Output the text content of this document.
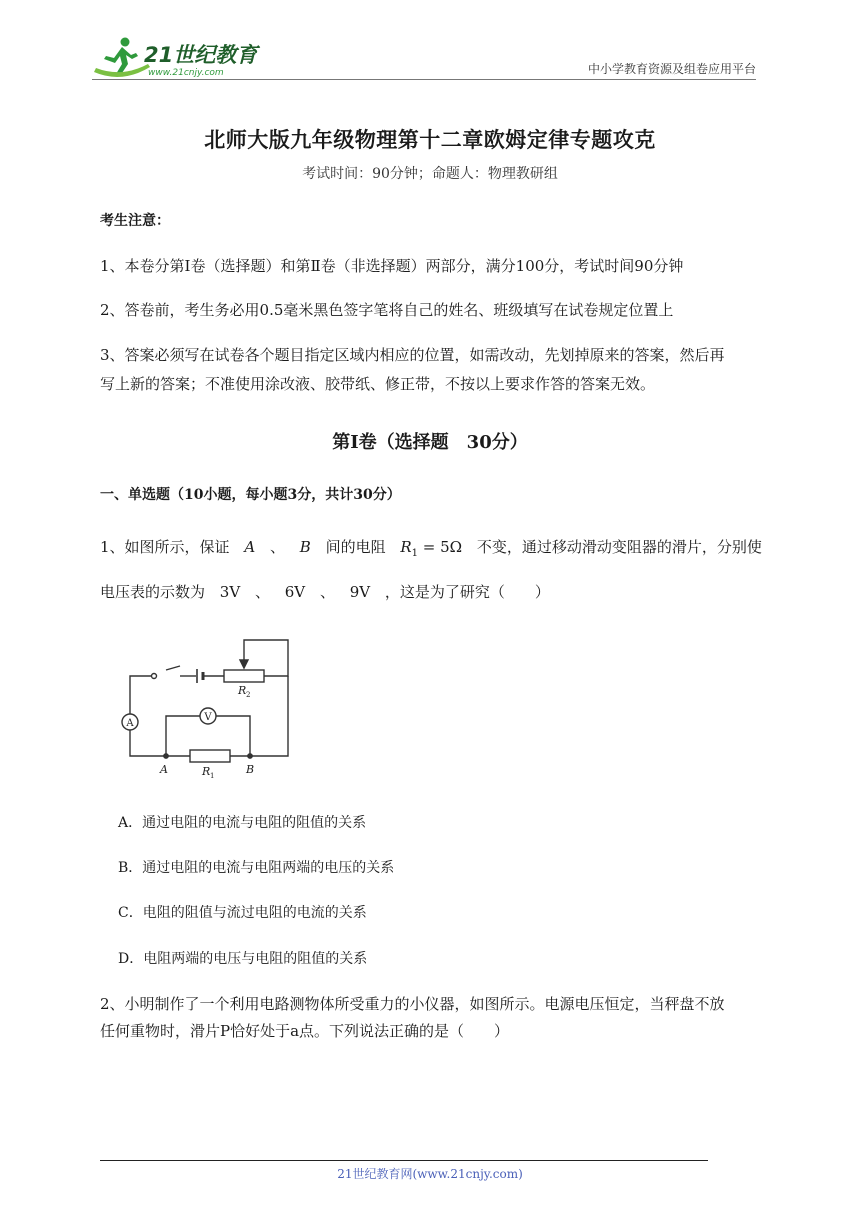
21世纪教育
www.21cnjy.com	中小学教育资源及组卷应用平台
北师大版九年级物理第十二章欧姆定律专题攻克
考试时间：90分钟；命题人：物理教研组
考生注意：
1、本卷分第I卷（选择题）和第Ⅱ卷（非选择题）两部分，满分100分，考试时间90分钟
2、答卷前，考生务必用0.5毫米黑色签字笔将自己的姓名、班级填写在试卷规定位置上
3、答案必须写在试卷各个题目指定区域内相应的位置，如需改动，先划掉原来的答案，然后再
写上新的答案；不准使用涂改液、胶带纸、修正带，不按以上要求作答的答案无效。
第I卷（选择题　30分）
一、单选题（10小题，每小题3分，共计30分）
1、如图所示，保证 A 、 B 间的电阻 $R_1 = 5\Omega$ 不变，通过移动滑动变阻器的滑片，分别使
电压表的示数为 3V 、 6V 、 9V ，这是为了研究（　　）
A
V
R 2
R 1
A	B
A．通过电阻的电流与电阻的阻值的关系
B．通过电阻的电流与电阻两端的电压的关系
C．电阻的阻值与流过电阻的电流的关系
D．电阻两端的电压与电阻的阻值的关系
2、小明制作了一个利用电路测物体所受重力的小仪器，如图所示。电源电压恒定，当秤盘不放
任何重物时，滑片P恰好处于a点。下列说法正确的是（　　）
21世纪教育网(www.21cnjy.com)
